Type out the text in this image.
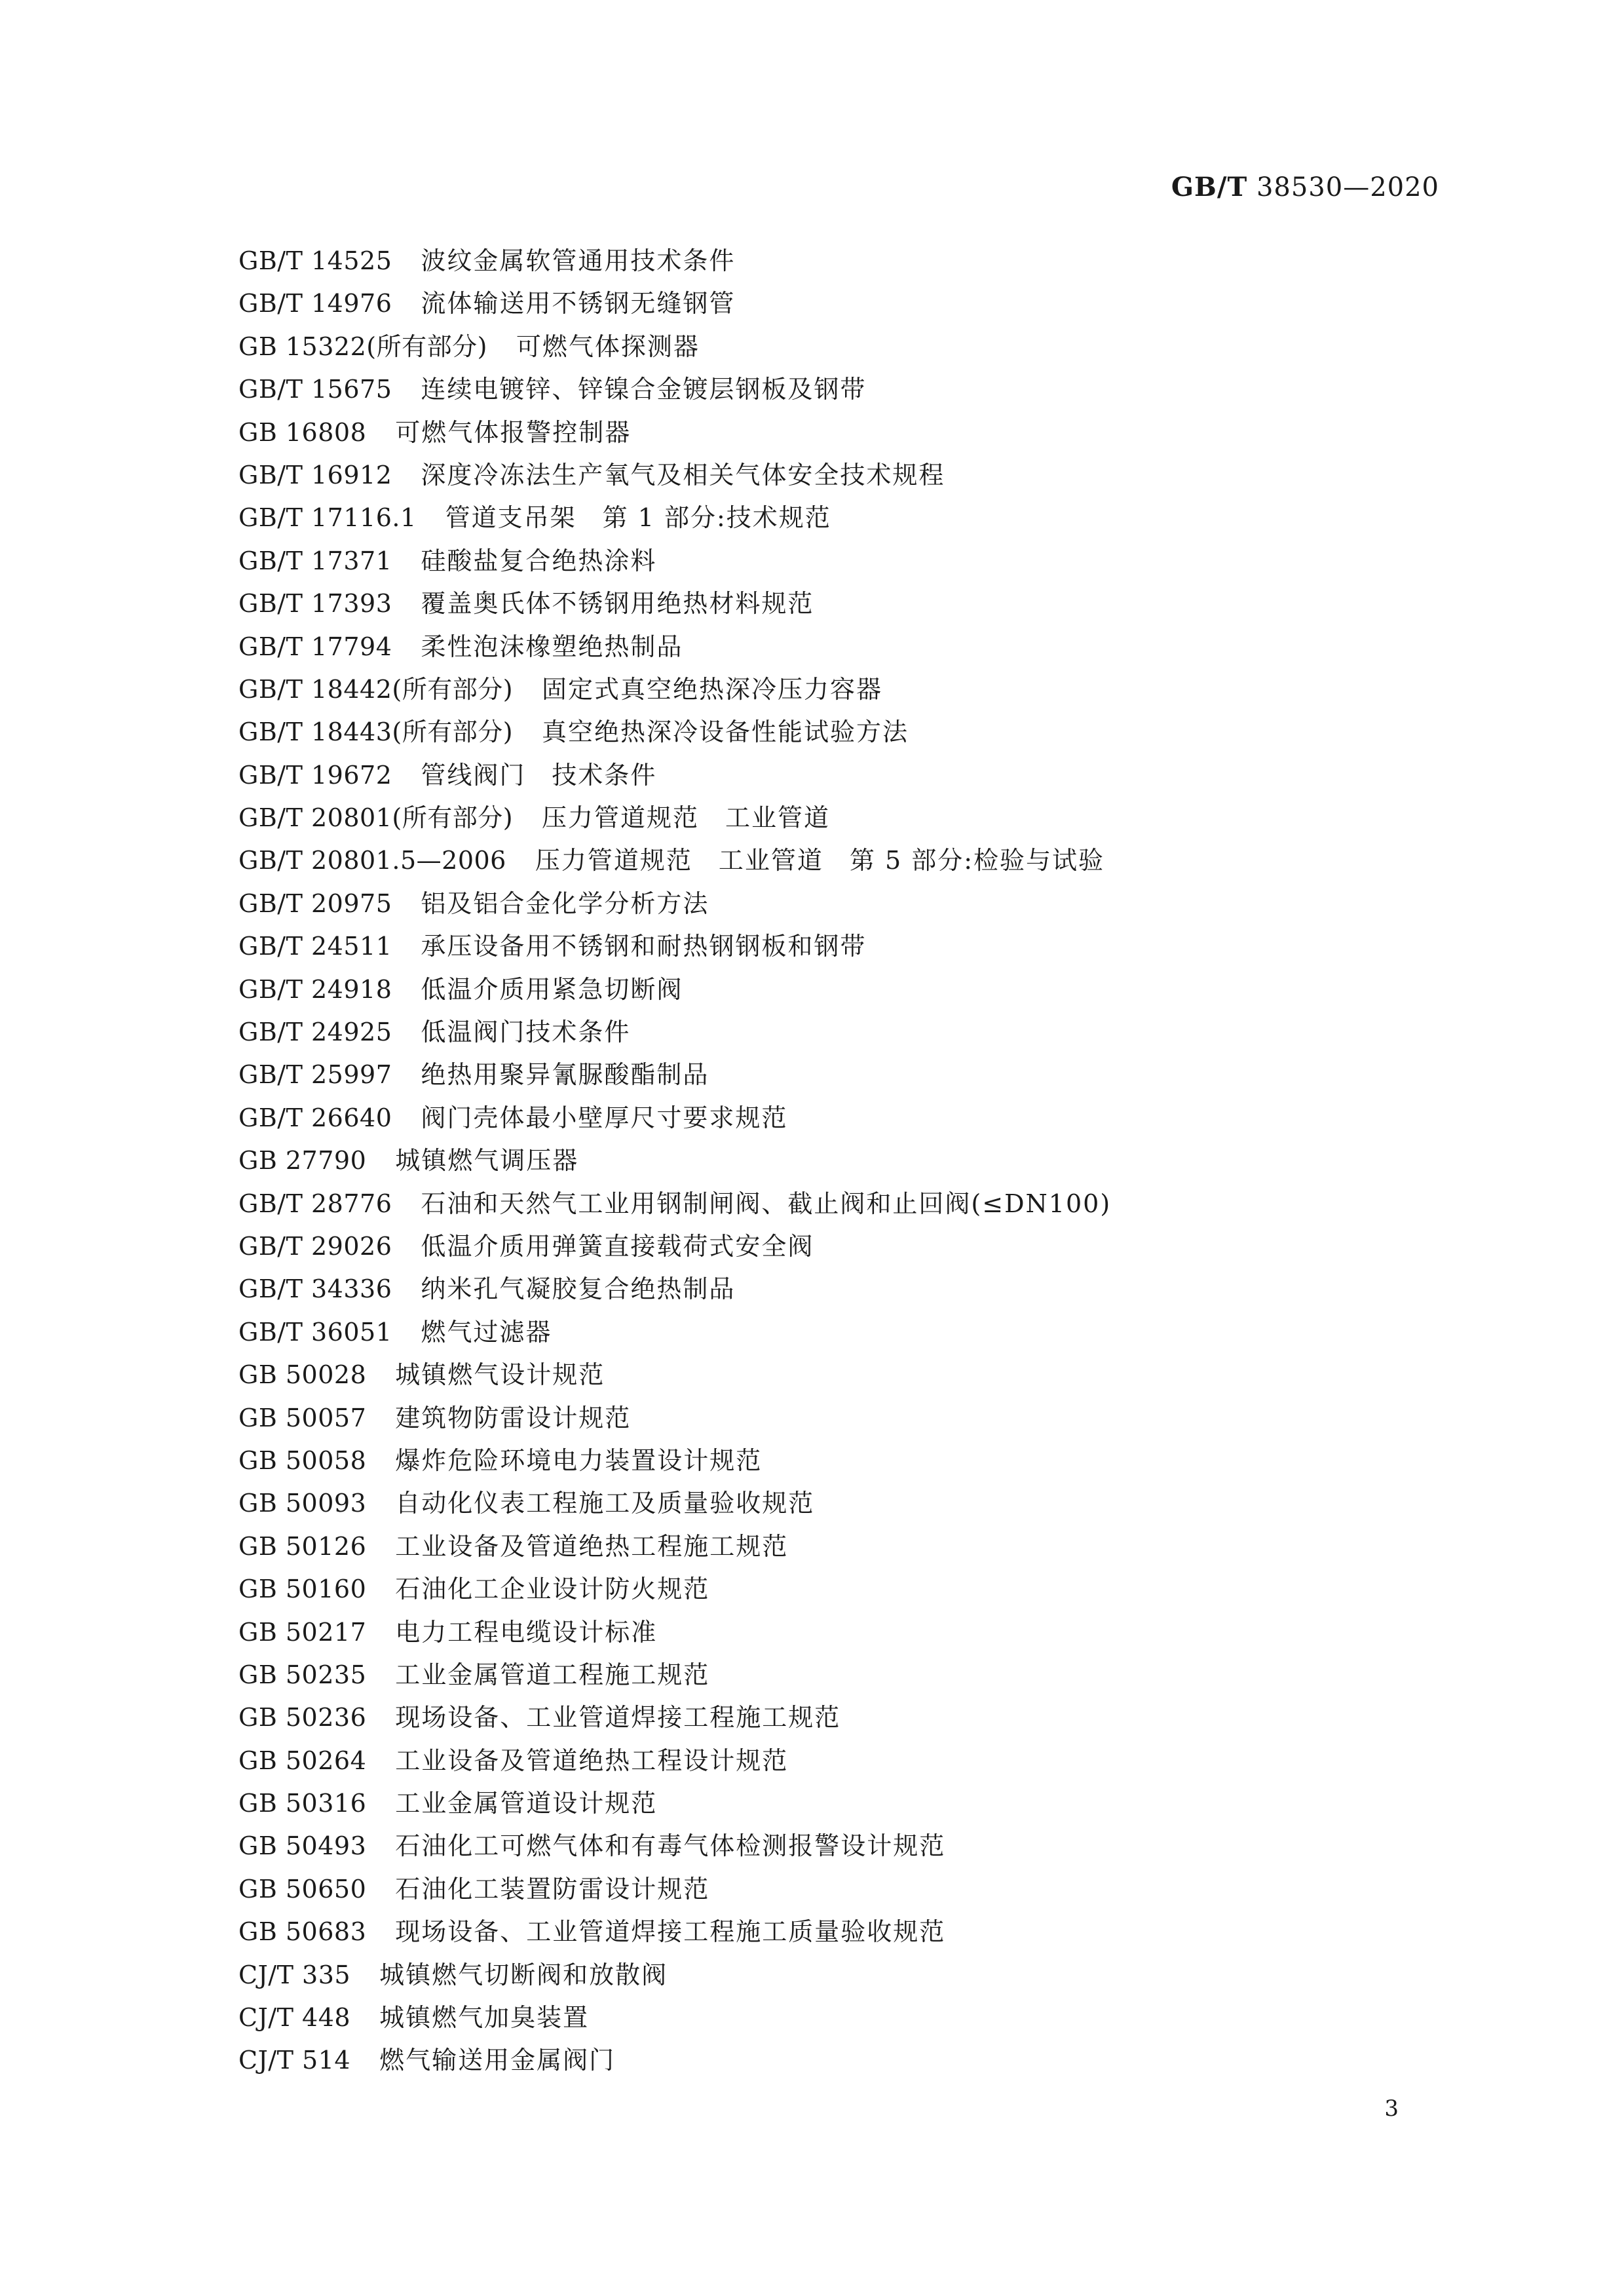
GB/T 38530—2020
GB/T 14525 波纹金属软管通用技术条件
GB/T 14976 流体输送用不锈钢无缝钢管
GB 15322(所有部分) 可燃气体探测器
GB/T 15675 连续电镀锌、锌镍合金镀层钢板及钢带
GB 16808 可燃气体报警控制器
GB/T 16912 深度冷冻法生产氧气及相关气体安全技术规程
GB/T 17116.1 管道支吊架　第 1 部分:技术规范
GB/T 17371 硅酸盐复合绝热涂料
GB/T 17393 覆盖奥氏体不锈钢用绝热材料规范
GB/T 17794 柔性泡沫橡塑绝热制品
GB/T 18442(所有部分) 固定式真空绝热深冷压力容器
GB/T 18443(所有部分) 真空绝热深冷设备性能试验方法
GB/T 19672 管线阀门　技术条件
GB/T 20801(所有部分) 压力管道规范　工业管道
GB/T 20801.5—2006 压力管道规范　工业管道　第 5 部分:检验与试验
GB/T 20975 铝及铝合金化学分析方法
GB/T 24511 承压设备用不锈钢和耐热钢钢板和钢带
GB/T 24918 低温介质用紧急切断阀
GB/T 24925 低温阀门技术条件
GB/T 25997 绝热用聚异氰脲酸酯制品
GB/T 26640 阀门壳体最小壁厚尺寸要求规范
GB 27790 城镇燃气调压器
GB/T 28776 石油和天然气工业用钢制闸阀、截止阀和止回阀(≤DN100)
GB/T 29026 低温介质用弹簧直接载荷式安全阀
GB/T 34336 纳米孔气凝胶复合绝热制品
GB/T 36051 燃气过滤器
GB 50028 城镇燃气设计规范
GB 50057 建筑物防雷设计规范
GB 50058 爆炸危险环境电力装置设计规范
GB 50093 自动化仪表工程施工及质量验收规范
GB 50126 工业设备及管道绝热工程施工规范
GB 50160 石油化工企业设计防火规范
GB 50217 电力工程电缆设计标准
GB 50235 工业金属管道工程施工规范
GB 50236 现场设备、工业管道焊接工程施工规范
GB 50264 工业设备及管道绝热工程设计规范
GB 50316 工业金属管道设计规范
GB 50493 石油化工可燃气体和有毒气体检测报警设计规范
GB 50650 石油化工装置防雷设计规范
GB 50683 现场设备、工业管道焊接工程施工质量验收规范
CJ/T 335 城镇燃气切断阀和放散阀
CJ/T 448 城镇燃气加臭装置
CJ/T 514 燃气输送用金属阀门
3
